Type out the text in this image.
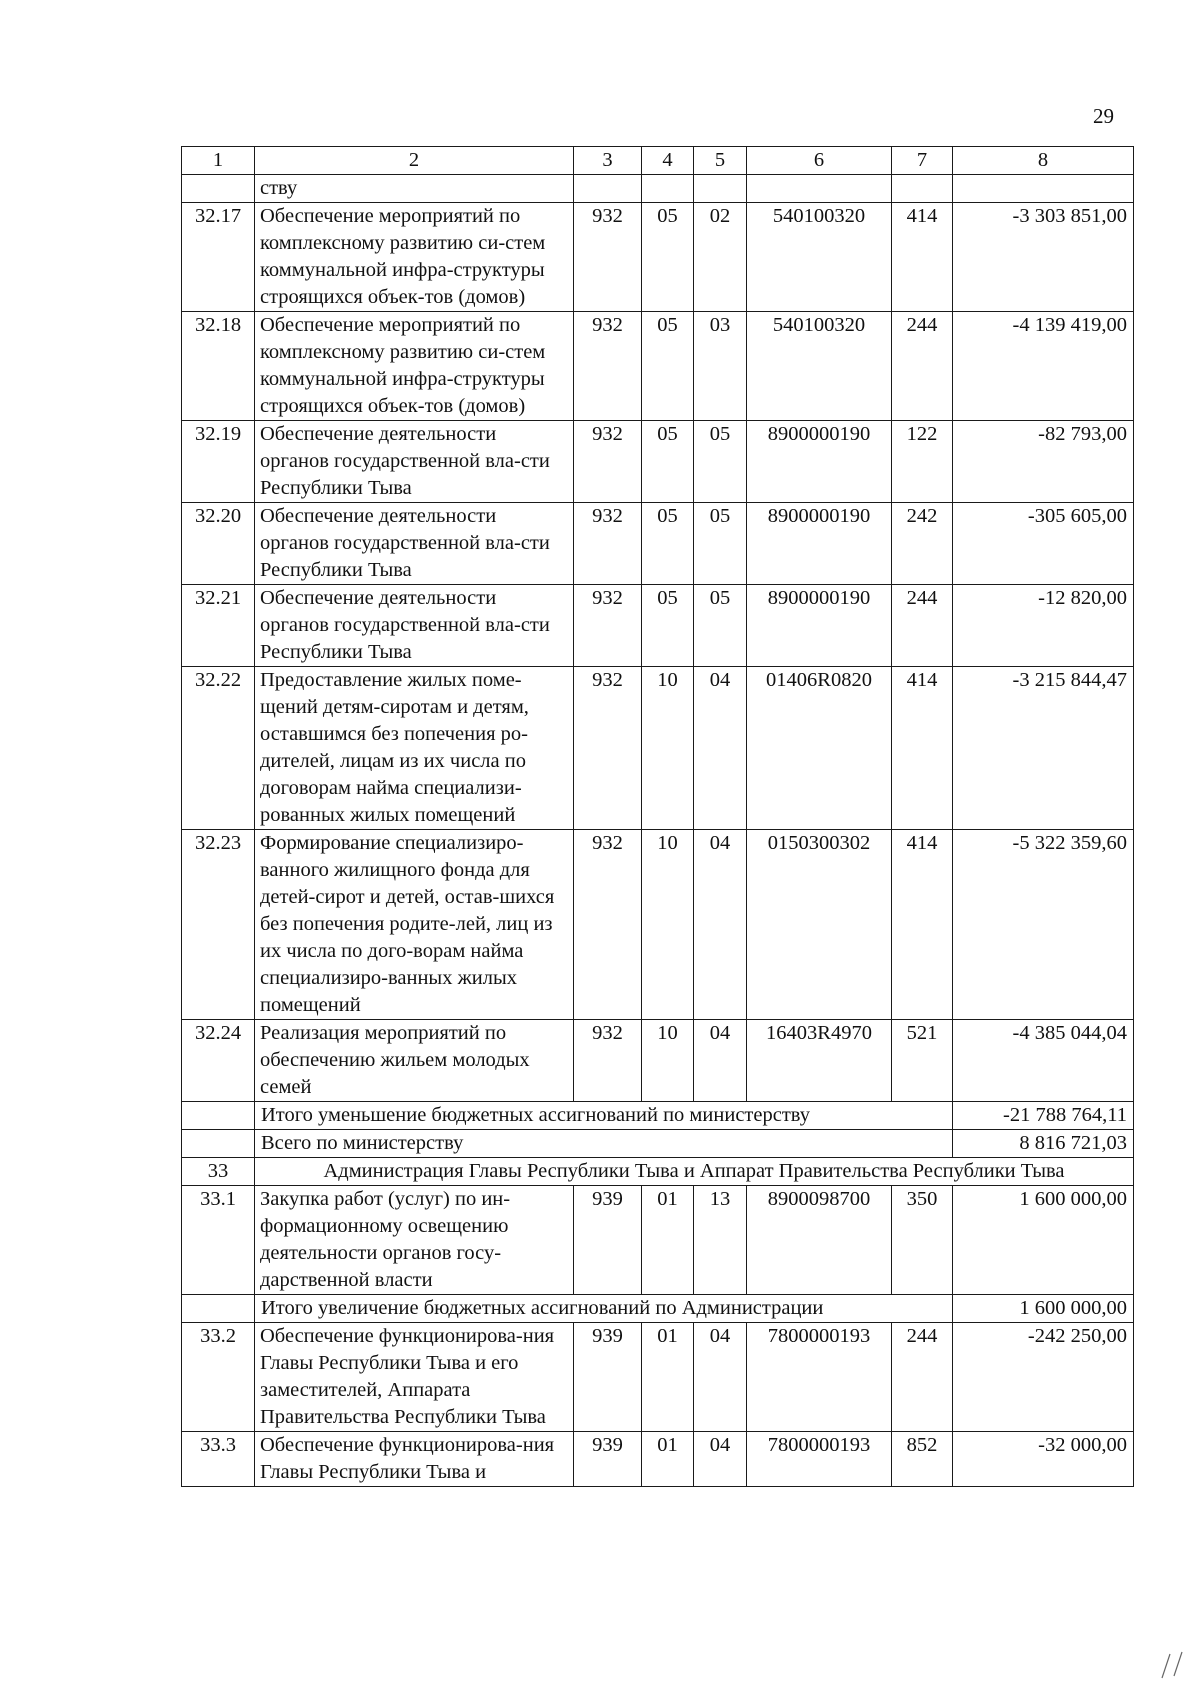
29
1	2	3	4	5	6	7	8
	ству						
32.17	Обеспечение мероприятий по комплексному развитию си-стем коммунальной инфра-структуры строящихся объек-тов (домов)	932	05	02	540100320	414	-3 303 851,00
32.18	Обеспечение мероприятий по комплексному развитию си-стем коммунальной инфра-структуры строящихся объек-тов (домов)	932	05	03	540100320	244	-4 139 419,00
32.19	Обеспечение деятельности органов государственной вла-сти Республики Тыва	932	05	05	8900000190	122	-82 793,00
32.20	Обеспечение деятельности органов государственной вла-сти Республики Тыва	932	05	05	8900000190	242	-305 605,00
32.21	Обеспечение деятельности органов государственной вла-сти Республики Тыва	932	05	05	8900000190	244	-12 820,00
32.22	Предоставление жилых поме-щений детям-сиротам и детям, оставшимся без попечения ро-дителей, лицам из их числа по договорам найма специализи-рованных жилых помещений	932	10	04	01406R0820	414	-3 215 844,47
32.23	Формирование специализиро-ванного жилищного фонда для детей-сирот и детей, остав-шихся без попечения родите-лей, лиц из их числа по дого-ворам найма специализиро-ванных жилых помещений	932	10	04	0150300302	414	-5 322 359,60
32.24	Реализация мероприятий по обеспечению жильем молодых семей	932	10	04	16403R4970	521	-4 385 044,04
	Итого уменьшение бюджетных ассигнований по министерству						-21 788 764,11
	Всего по министерству						8 816 721,03
33	Администрация Главы Республики Тыва и Аппарат Правительства Республики Тыва						
33.1	Закупка работ (услуг) по ин-формационному освещению деятельности органов госу-дарственной власти	939	01	13	8900098700	350	1 600 000,00
	Итого увеличение бюджетных ассигнований по Администрации						1 600 000,00
33.2	Обеспечение функционирова-ния Главы Республики Тыва и его заместителей, Аппарата Правительства Республики Тыва	939	01	04	7800000193	244	-242 250,00
33.3	Обеспечение функционирова-ния Главы Республики Тыва и	939	01	04	7800000193	852	-32 000,00
